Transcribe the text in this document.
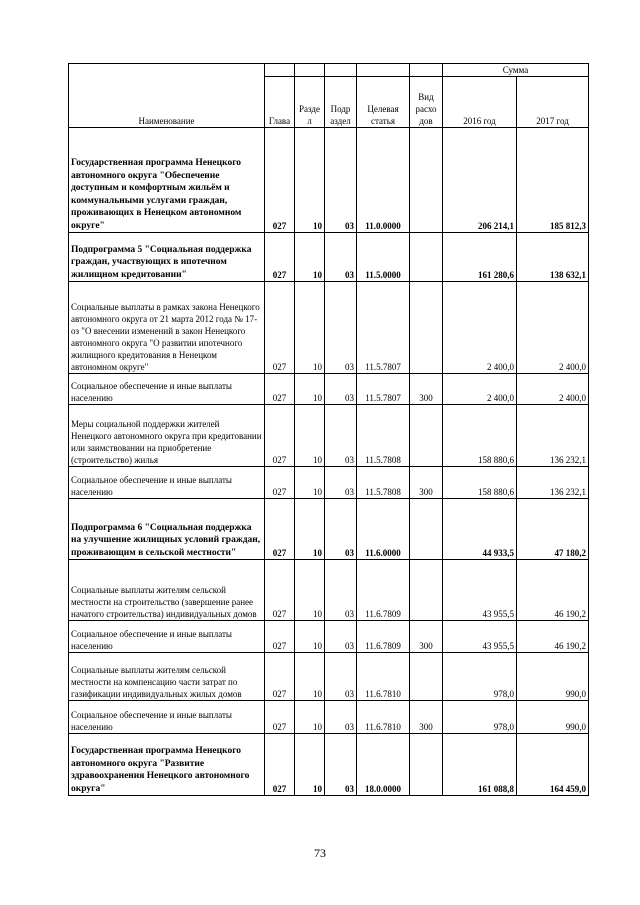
Наименование						Сумма	
	Глава	Разде л	Подр аздел	Целевая статья	Вид расхо дов	2016 год	2017 год
Государственная программа Ненецкого автономного округа "Обеспечение доступным и комфортным жильём и коммунальными услугами граждан, проживающих в Ненецком автономном округе"	027	10	03	11.0.0000		206 214,1	185 812,3
Подпрограмма 5 "Социальная поддержка граждан, участвующих в ипотечном жилищном кредитовании"	027	10	03	11.5.0000		161 280,6	138 632,1
Социальные выплаты в рамках закона Ненецкого автономного округа от 21 марта 2012 года № 17-оз "О внесении изменений в закон Ненецкого автономного округа "О развитии ипотечного жилищного кредитования в Ненецком автономном округе"	027	10	03	11.5.7807		2 400,0	2 400,0
Социальное обеспечение и иные выплаты населению	027	10	03	11.5.7807	300	2 400,0	2 400,0
Меры социальной поддержки жителей Ненецкого автономного округа при кредитовании или заимствовании на приобретение (строительство) жилья	027	10	03	11.5.7808		158 880,6	136 232,1
Социальное обеспечение и иные выплаты населению	027	10	03	11.5.7808	300	158 880,6	136 232,1
Подпрограмма 6 "Социальная поддержка на улучшение жилищных условий граждан, проживающим в сельской местности"	027	10	03	11.6.0000		44 933,5	47 180,2
Социальные выплаты жителям сельской местности на строительство (завершение ранее начатого строительства) индивидуальных домов	027	10	03	11.6.7809		43 955,5	46 190,2
Социальное обеспечение и иные выплаты населению	027	10	03	11.6.7809	300	43 955,5	46 190,2
Социальные выплаты жителям сельской местности на компенсацию части затрат по газификации индивидуальных жилых домов	027	10	03	11.6.7810		978,0	990,0
Социальное обеспечение и иные выплаты населению	027	10	03	11.6.7810	300	978,0	990,0
Государственная программа Ненецкого автономного округа "Развитие здравоохранения Ненецкого автономного округа"	027	10	03	18.0.0000		161 088,8	164 459,0
73
